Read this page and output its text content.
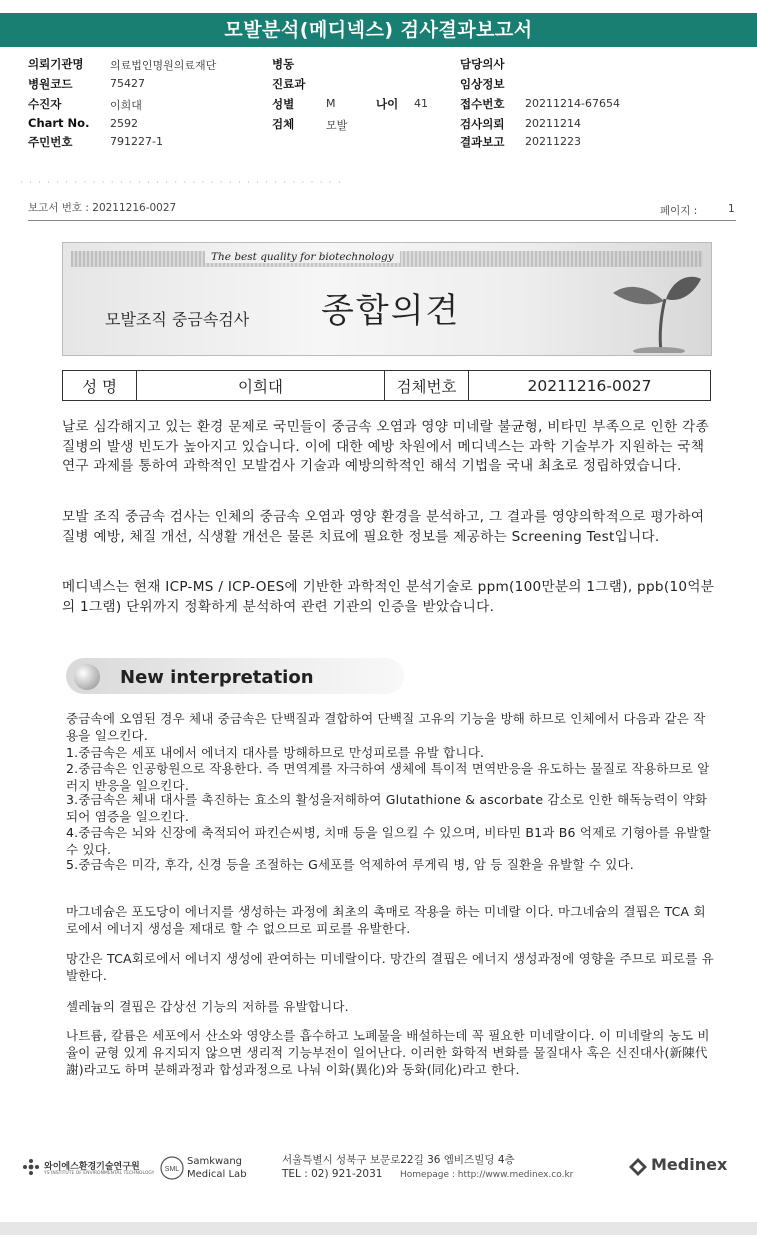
모발분석(메디넥스) 검사결과보고서
의뢰기관명 의료법인명원의료재단
병원코드	75427
수진자	이희대
Chart No. 2592
주민번호	791227-1
병동
진료과
성별	M	나이 41
검체	모발
담당의사
임상정보
접수번호 20211214-67654
검사의뢰 20211214
결과보고 20211223
· · · · · · · · · · · · · · · · · · · · · · · · · · · · · · · · · · · ·
보고서 번호 : 20211216-0027	페이지 :	1
The best quality for biotechnology
모발조직 중금속검사 종합의견
성 명	이희대	검체번호	20211216-0027
날로 심각해지고 있는 환경 문제로 국민들이 중금속 오염과 영양 미네랄 불균형, 비타민 부족으로 인한 각종 질병의 발생 빈도가 높아지고 있습니다. 이에 대한 예방 차원에서 메디넥스는 과학 기술부가 지원하는 국책 연구 과제를 통하여 과학적인 모발검사 기술과 예방의학적인 해석 기법을 국내 최초로 정립하였습니다.
모발 조직 중금속 검사는 인체의 중금속 오염과 영양 환경을 분석하고, 그 결과를 영양의학적으로 평가하여 질병 예방, 체질 개선, 식생활 개선은 물론 치료에 필요한 정보를 제공하는 Screening Test입니다.
메디넥스는 현재 ICP-MS / ICP-OES에 기반한 과학적인 분석기술로 ppm(100만분의 1그램), ppb(10억분의 1그램) 단위까지 정확하게 분석하여 관련 기관의 인증을 받았습니다.
New interpretation
중금속에 오염된 경우 체내 중금속은 단백질과 결합하여 단백질 고유의 기능을 방해 하므로 인체에서 다음과 같은 작용을 일으킨다.
1.중금속은 세포 내에서 에너지 대사를 방해하므로 만성피로를 유발 합니다.
2.중금속은 인공항원으로 작용한다. 즉 면역계를 자극하여 생체에 특이적 면역반응을 유도하는 물질로 작용하므로 알러지 반응을 일으킨다.
3.중금속은 체내 대사를 촉진하는 효소의 활성을저해하여 Glutathione & ascorbate 감소로 인한 해독능력이 약화되어 염증을 일으킨다.
4.중금속은 뇌와 신장에 축적되어 파킨슨씨병, 치매 등을 일으킬 수 있으며, 비타민 B1과 B6 억제로 기형아를 유발할 수 있다.
5.중금속은 미각, 후각, 신경 등을 조절하는 G세포를 억제하여 루게릭 병, 암 등 질환을 유발할 수 있다.
마그네슘은 포도당이 에너지를 생성하는 과정에 최초의 촉매로 작용을 하는 미네랄 이다. 마그네슘의 결핍은 TCA 회로에서 에너지 생성을 제대로 할 수 없으므로 피로를 유발한다.
망간은 TCA회로에서 에너지 생성에 관여하는 미네랄이다. 망간의 결핍은 에너지 생성과정에 영향을 주므로 피로를 유발한다.
셀레늄의 결핍은 갑상선 기능의 저하를 유발합니다.
나트륨, 칼륨은 세포에서 산소와 영양소를 흡수하고 노폐물을 배설하는데 꼭 필요한 미네랄이다. 이 미네랄의 농도 비율이 균형 있게 유지되지 않으면 생리적 기능부전이 일어난다. 이러한 화학적 변화를 물질대사 혹은 신진대사(新陳代謝)라고도 하며 분해과정과 합성과정으로 나눠 이화(異化)와 동화(同化)라고 한다.
와이에스환경기술연구원
YS INSTITUTE OF ENVIRONMENTAL TECHNOLOGY
SML
Samkwang
Medical Lab
서울특별시 성북구 보문로22길 36 엠비즈빌딩 4층
TEL : 02) 921-2031 Homepage : http://www.medinex.co.kr
Medinex
